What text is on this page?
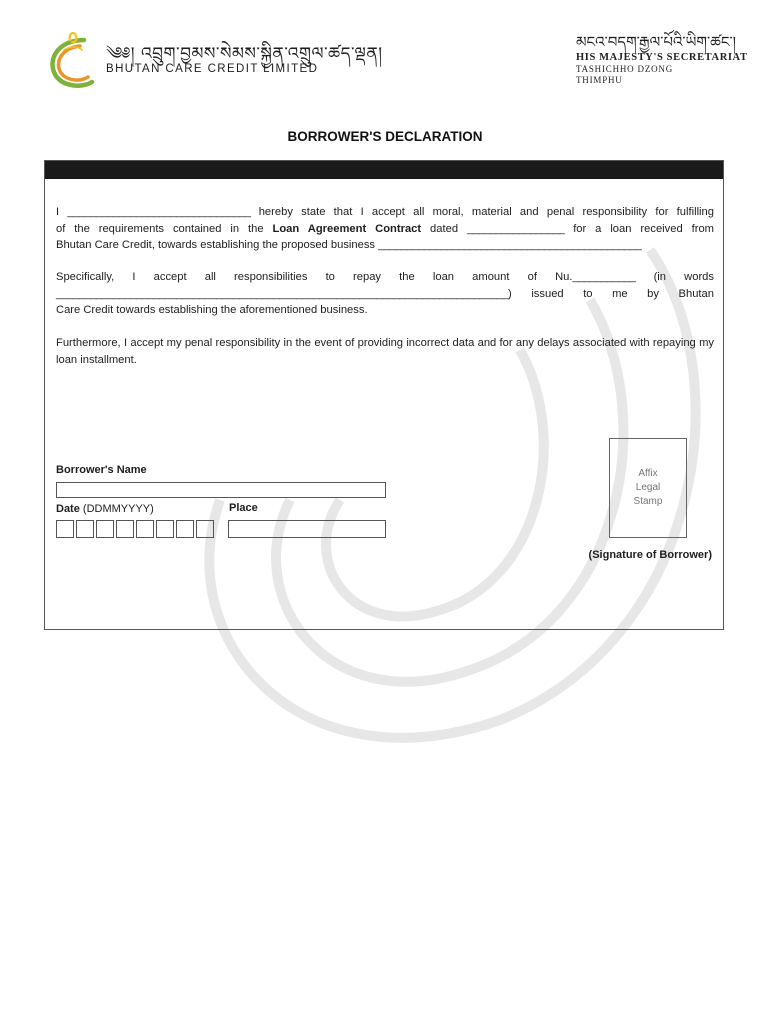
༄༅། འབྲུག་བྱམས་སེམས་སྐྱིན་འགྲུལ་ཚད་ལྡན།
BHUTAN CARE CREDIT LIMITED
མངའ་བདག་རྒྱལ་པོའི་ཡིག་ཚང་།
HIS MAJESTY'S SECRETARIAT
TASHICHHO DZONG
THIMPHU
BORROWER'S DECLARATION
I ________________________________ hereby state that I accept all moral, material and penal responsibility for fulfilling
of the requirements contained in the Loan Agreement Contract dated _________________ for a loan received from
Bhutan Care Credit, towards establishing the proposed business ______________________________________________
Specifically, I accept all responsibilities to repay the loan amount of Nu.___________ (in words
_______________________________________________________________________________) issued to me by Bhutan
Care Credit towards establishing the aforementioned business.
Furthermore, I accept my penal responsibility in the event of providing incorrect data and for any delays associated with repaying my loan installment.
Borrower's Name
Date (DDMMYYYY)	Place
Affix
Legal
Stamp
(Signature of Borrower)
